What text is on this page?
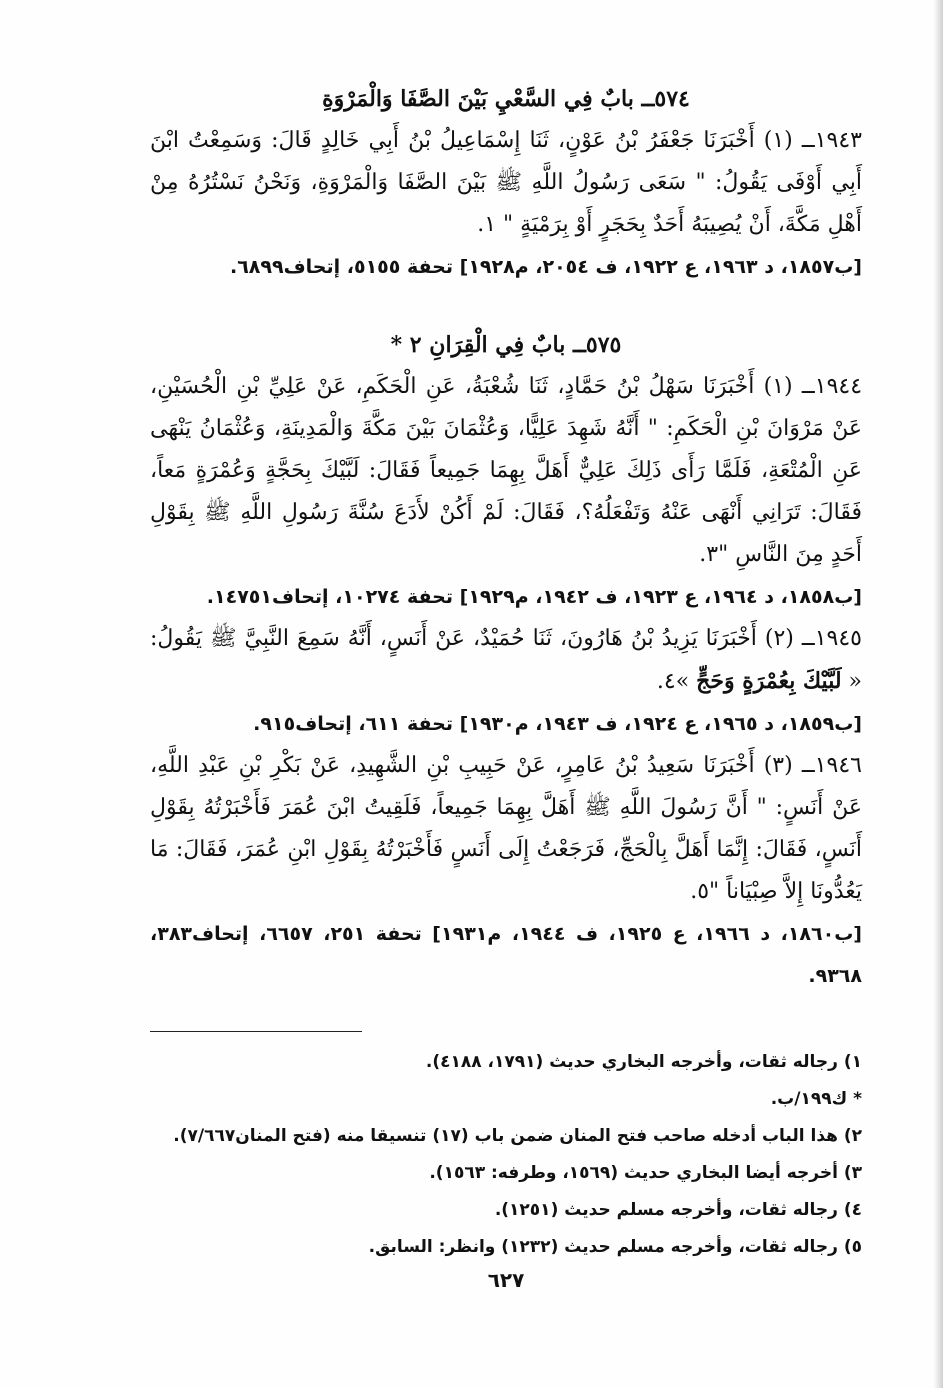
٥٧٤ــ بابٌ فِي السَّعْيِ بَيْنَ الصَّفَا وَالْمَرْوَةِ

١٩٤٣ــ (١) أَخْبَرَنَا جَعْفَرُ بْنُ عَوْنٍ، ثَنَا إِسْمَاعِيلُ بْنُ أَبِي خَالِدٍ قَالَ: وَسَمِعْتُ ابْنَ أَبِي أَوْفَى يَقُولُ: " سَعَى رَسُولُ اللَّهِ ﷺ بَيْنَ الصَّفَا وَالْمَرْوَةِ، وَنَحْنُ نَسْتُرُهُ مِنْ أَهْلِ مَكَّةَ، أَنْ يُصِيبَهُ أَحَدٌ بِحَجَرٍ أَوْ بِرَمْيَةٍ " ١.

[ب١٨٥٧، د ١٩٦٣، ع ١٩٢٢، ف ٢٠٥٤، م١٩٢٨] تحفة ٥١٥٥، إتحاف٦٨٩٩.

٥٧٥ــ بابٌ فِي الْقِرَانِ ٢ *

١٩٤٤ــ (١) أَخْبَرَنَا سَهْلُ بْنُ حَمَّادٍ، ثَنَا شُعْبَةُ، عَنِ الْحَكَمِ، عَنْ عَلِيِّ بْنِ الْحُسَيْنِ، عَنْ مَرْوَانَ بْنِ الْحَكَمِ: " أَنَّهُ شَهِدَ عَلِيًّا، وَعُثْمَانَ بَيْنَ مَكَّةَ وَالْمَدِينَةِ، وَعُثْمَانُ يَنْهَى عَنِ الْمُتْعَةِ، فَلَمَّا رَأَى ذَلِكَ عَلِيٌّ أَهَلَّ بِهِمَا جَمِيعاً فَقَالَ: لَبَّيْكَ بِحَجَّةٍ وَعُمْرَةٍ مَعاً، فَقَالَ: تَرَانِي أَنْهَى عَنْهُ وَتَفْعَلُهُ؟، فَقَالَ: لَمْ أَكُنْ لأَدَعَ سُنَّةَ رَسُولِ اللَّهِ ﷺ بِقَوْلِ أَحَدٍ مِنَ النَّاسِ "٣.

[ب١٨٥٨، د ١٩٦٤، ع ١٩٢٣، ف ١٩٤٢، م١٩٢٩] تحفة ١٠٢٧٤، إتحاف١٤٧٥١.

١٩٤٥ــ (٢) أَخْبَرَنَا يَزِيدُ بْنُ هَارُونَ، ثَنَا حُمَيْدٌ، عَنْ أَنَسٍ، أَنَّهُ سَمِعَ النَّبِيَّ ﷺ يَقُولُ: « لَبَّيْكَ بِعُمْرَةٍ وَحَجٍّ »٤.

[ب١٨٥٩، د ١٩٦٥، ع ١٩٢٤، ف ١٩٤٣، م١٩٣٠] تحفة ٦١١، إتحاف٩١٥.

١٩٤٦ــ (٣) أَخْبَرَنَا سَعِيدُ بْنُ عَامِرٍ، عَنْ حَبِيبِ بْنِ الشَّهِيدِ، عَنْ بَكْرِ بْنِ عَبْدِ اللَّهِ، عَنْ أَنَسٍ: " أَنَّ رَسُولَ اللَّهِ ﷺ أَهَلَّ بِهِمَا جَمِيعاً، فَلَقِيتُ ابْنَ عُمَرَ فَأَخْبَرْتُهُ بِقَوْلِ أَنَسٍ، فَقَالَ: إِنَّمَا أَهَلَّ بِالْحَجِّ، فَرَجَعْتُ إِلَى أَنَسٍ فَأَخْبَرْتُهُ بِقَوْلِ ابْنِ عُمَرَ، فَقَالَ: مَا يَعُدُّونَا إِلاَّ صِبْيَاناً "٥.

[ب١٨٦٠، د ١٩٦٦، ع ١٩٢٥، ف ١٩٤٤، م١٩٣١] تحفة ٢٥١، ٦٦٥٧، إتحاف٣٨٣، ٩٣٦٨.

١) رجاله ثقات، وأخرجه البخاري حديث (١٧٩١، ٤١٨٨).

* ك١٩٩/ب.

٢) هذا الباب أدخله صاحب فتح المنان ضمن باب (١٧) تنسيقا منه (فتح المنان٧/٦٦٧).

٣) أخرجه أيضا البخاري حديث (١٥٦٩، وطرفه: ١٥٦٣).

٤) رجاله ثقات، وأخرجه مسلم حديث (١٢٥١).

٥) رجاله ثقات، وأخرجه مسلم حديث (١٢٣٢) وانظر: السابق.

٦٢٧
